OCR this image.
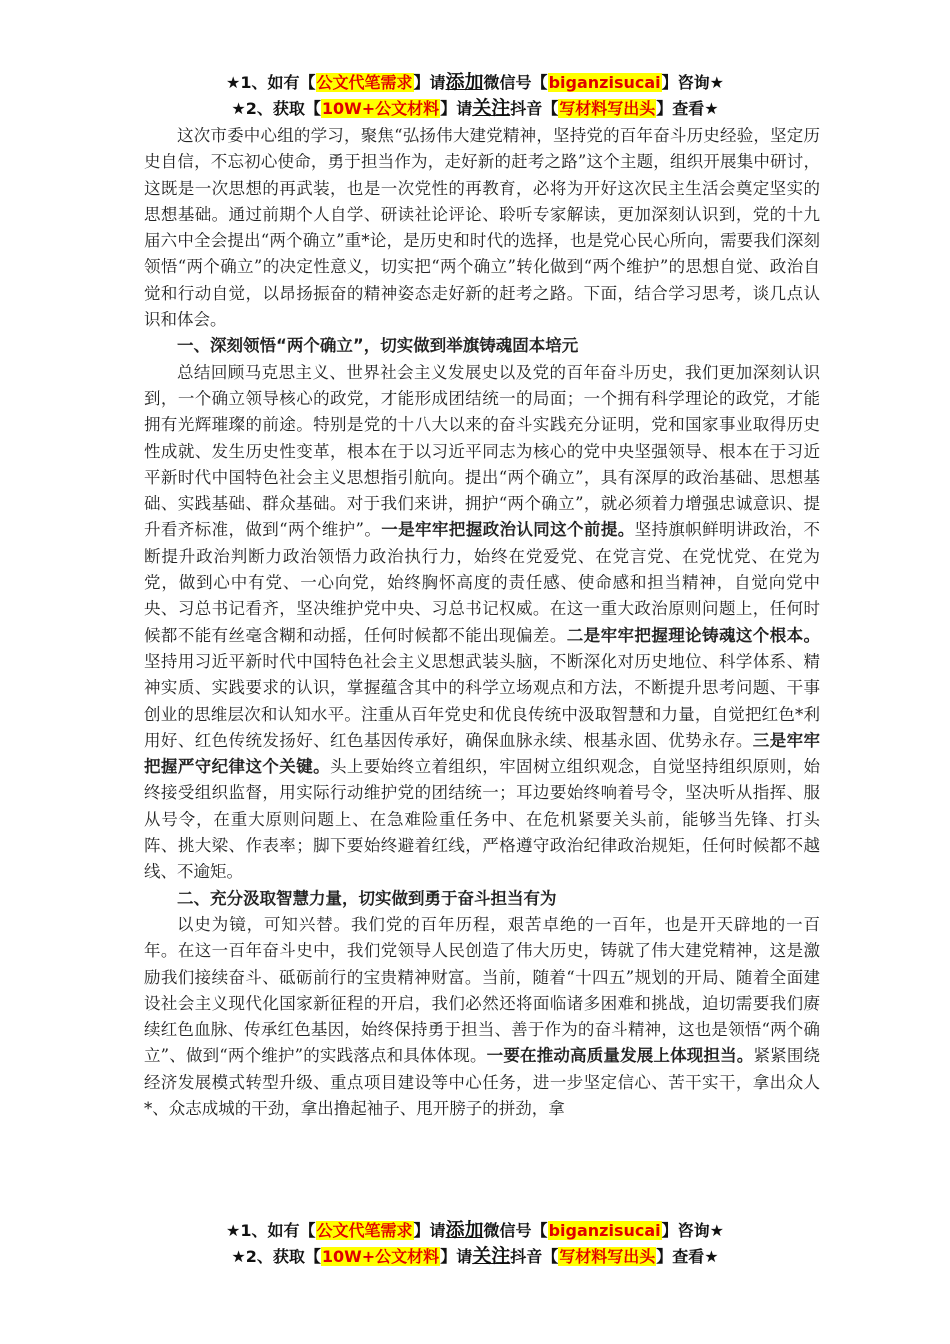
★1、如有【公文代笔需求】请添加微信号【biganzisucai】咨询★
★2、获取【10W+公文材料】请关注抖音【写材料写出头】查看★

这次市委中心组的学习，聚焦“弘扬伟大建党精神，坚持党的百年奋斗历史经验，坚定历史自信，不忘初心使命，勇于担当作为，走好新的赶考之路”这个主题，组织开展集中研讨，这既是一次思想的再武装，也是一次党性的再教育，必将为开好这次民主生活会奠定坚实的思想基础。通过前期个人自学、研读社论评论、聆听专家解读，更加深刻认识到，党的十九届六中全会提出“两个确立”重*论，是历史和时代的选择，也是党心民心所向，需要我们深刻领悟“两个确立”的决定性意义，切实把“两个确立”转化做到“两个维护”的思想自觉、政治自觉和行动自觉，以昂扬振奋的精神姿态走好新的赶考之路。下面，结合学习思考，谈几点认识和体会。

一、深刻领悟“两个确立”，切实做到举旗铸魂固本培元

总结回顾马克思主义、世界社会主义发展史以及党的百年奋斗历史，我们更加深刻认识到，一个确立领导核心的政党，才能形成团结统一的局面；一个拥有科学理论的政党，才能拥有光辉璀璨的前途。特别是党的十八大以来的奋斗实践充分证明，党和国家事业取得历史性成就、发生历史性变革，根本在于以习近平同志为核心的党中央坚强领导、根本在于习近平新时代中国特色社会主义思想指引航向。提出“两个确立”，具有深厚的政治基础、思想基础、实践基础、群众基础。对于我们来讲，拥护“两个确立”，就必须着力增强忠诚意识、提升看齐标准，做到“两个维护”。一是牢牢把握政治认同这个前提。坚持旗帜鲜明讲政治，不断提升政治判断力政治领悟力政治执行力，始终在党爱党、在党言党、在党忧党、在党为党，做到心中有党、一心向党，始终胸怀高度的责任感、使命感和担当精神，自觉向党中央、习总书记看齐，坚决维护党中央、习总书记权威。在这一重大政治原则问题上，任何时候都不能有丝毫含糊和动摇，任何时候都不能出现偏差。二是牢牢把握理论铸魂这个根本。坚持用习近平新时代中国特色社会主义思想武装头脑，不断深化对历史地位、科学体系、精神实质、实践要求的认识，掌握蕴含其中的科学立场观点和方法，不断提升思考问题、干事创业的思维层次和认知水平。注重从百年党史和优良传统中汲取智慧和力量，自觉把红色*利用好、红色传统发扬好、红色基因传承好，确保血脉永续、根基永固、优势永存。三是牢牢把握严守纪律这个关键。头上要始终立着组织，牢固树立组织观念，自觉坚持组织原则，始终接受组织监督，用实际行动维护党的团结统一；耳边要始终响着号令，坚决听从指挥、服从号令，在重大原则问题上、在急难险重任务中、在危机紧要关头前，能够当先锋、打头阵、挑大梁、作表率；脚下要始终避着红线，严格遵守政治纪律政治规矩，任何时候都不越线、不逾矩。

二、充分汲取智慧力量，切实做到勇于奋斗担当有为

以史为镜，可知兴替。我们党的百年历程，艰苦卓绝的一百年，也是开天辟地的一百年。在这一百年奋斗史中，我们党领导人民创造了伟大历史，铸就了伟大建党精神，这是激励我们接续奋斗、砥砺前行的宝贵精神财富。当前，随着“十四五”规划的开局、随着全面建设社会主义现代化国家新征程的开启，我们必然还将面临诸多困难和挑战，迫切需要我们赓续红色血脉、传承红色基因，始终保持勇于担当、善于作为的奋斗精神，这也是领悟“两个确立”、做到“两个维护”的实践落点和具体体现。一要在推动高质量发展上体现担当。紧紧围绕经济发展模式转型升级、重点项目建设等中心任务，进一步坚定信心、苦干实干，拿出众人*、众志成城的干劲，拿出撸起袖子、甩开膀子的拼劲，拿

★1、如有【公文代笔需求】请添加微信号【biganzisucai】咨询★
★2、获取【10W+公文材料】请关注抖音【写材料写出头】查看★
